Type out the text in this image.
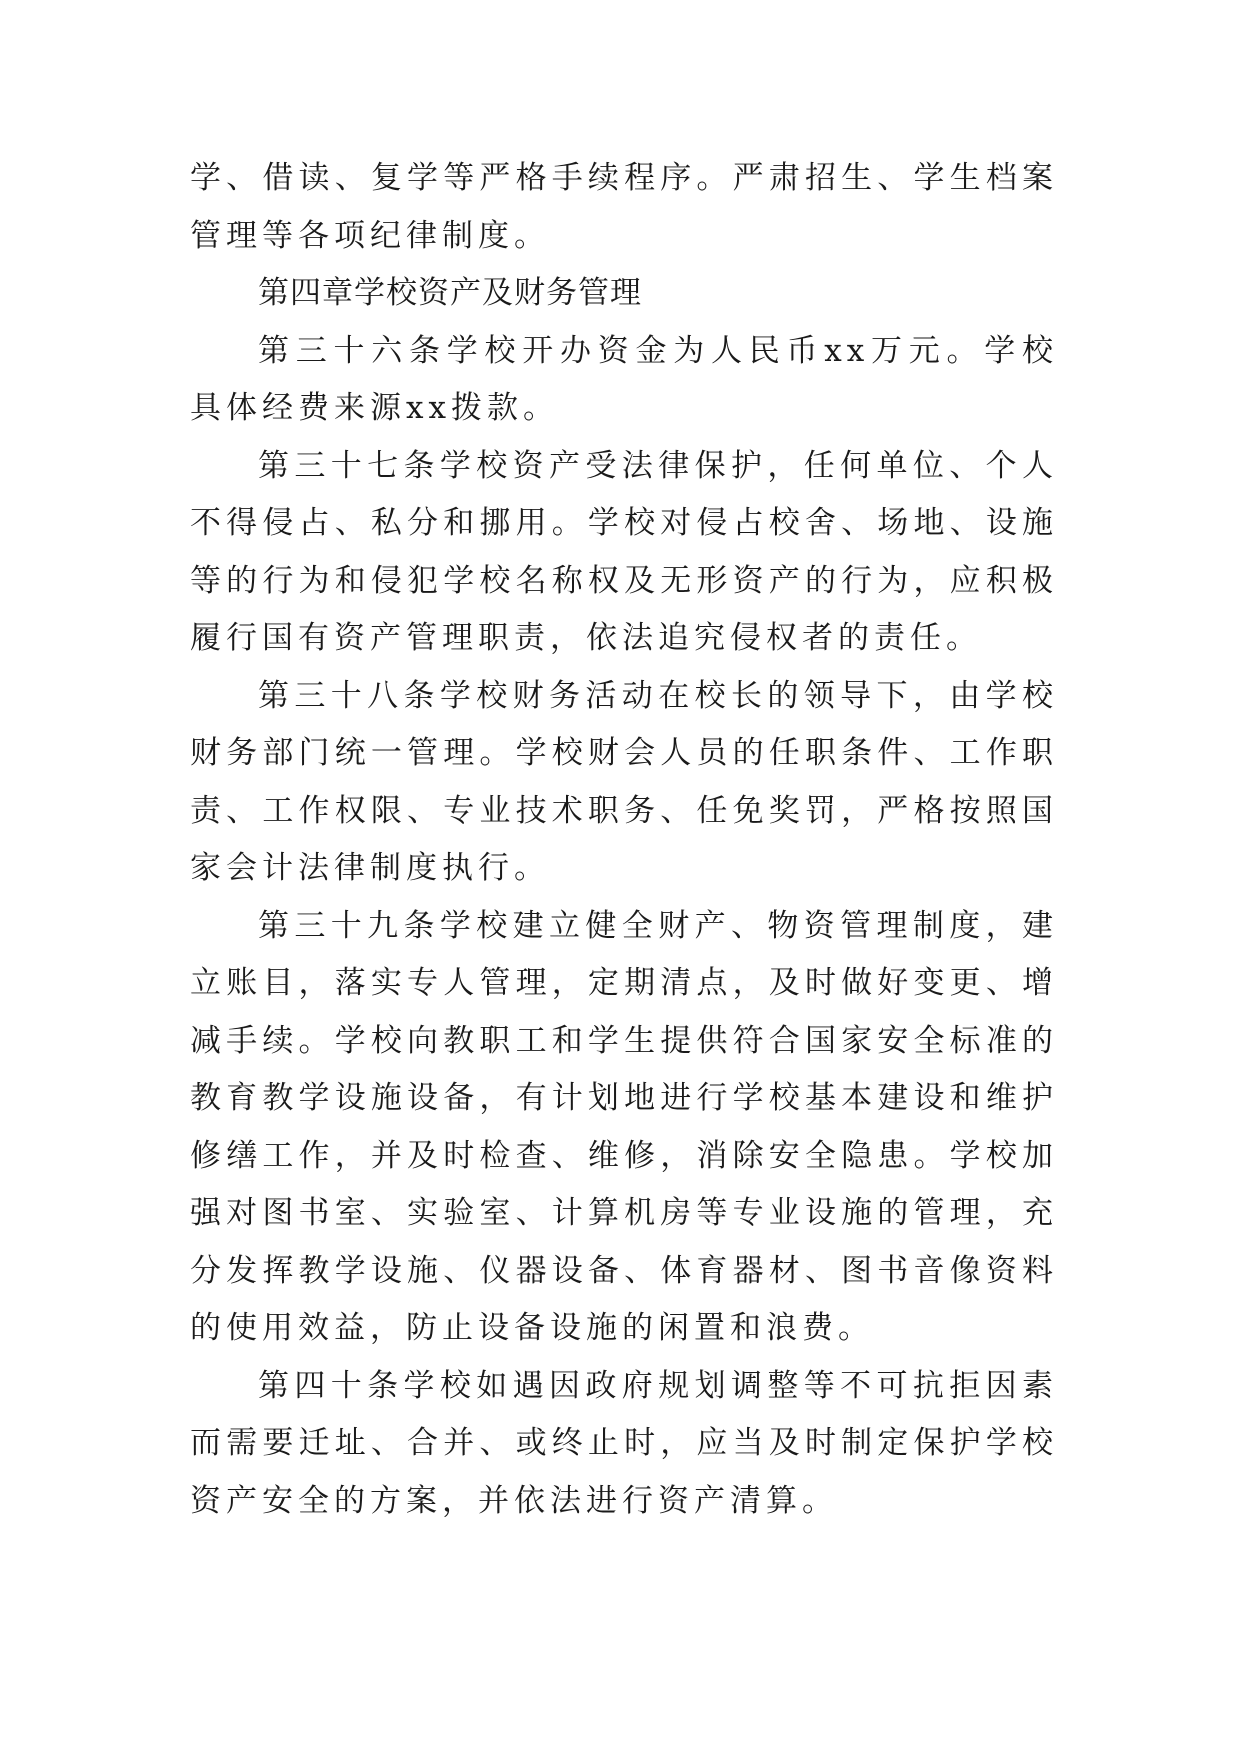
学、借读、复学等严格手续程序。严肃招生、学生档案管理等各项纪律制度。

第四章学校资产及财务管理

第三十六条学校开办资金为人民币xx万元。学校具体经费来源xx拨款。

第三十七条学校资产受法律保护，任何单位、个人不得侵占、私分和挪用。学校对侵占校舍、场地、设施等的行为和侵犯学校名称权及无形资产的行为，应积极履行国有资产管理职责，依法追究侵权者的责任。

第三十八条学校财务活动在校长的领导下，由学校财务部门统一管理。学校财会人员的任职条件、工作职责、工作权限、专业技术职务、任免奖罚，严格按照国家会计法律制度执行。

第三十九条学校建立健全财产、物资管理制度，建立账目，落实专人管理，定期清点，及时做好变更、增减手续。学校向教职工和学生提供符合国家安全标准的教育教学设施设备，有计划地进行学校基本建设和维护修缮工作，并及时检查、维修，消除安全隐患。学校加强对图书室、实验室、计算机房等专业设施的管理，充分发挥教学设施、仪器设备、体育器材、图书音像资料的使用效益，防止设备设施的闲置和浪费。

第四十条学校如遇因政府规划调整等不可抗拒因素而需要迁址、合并、或终止时，应当及时制定保护学校资产安全的方案，并依法进行资产清算。
